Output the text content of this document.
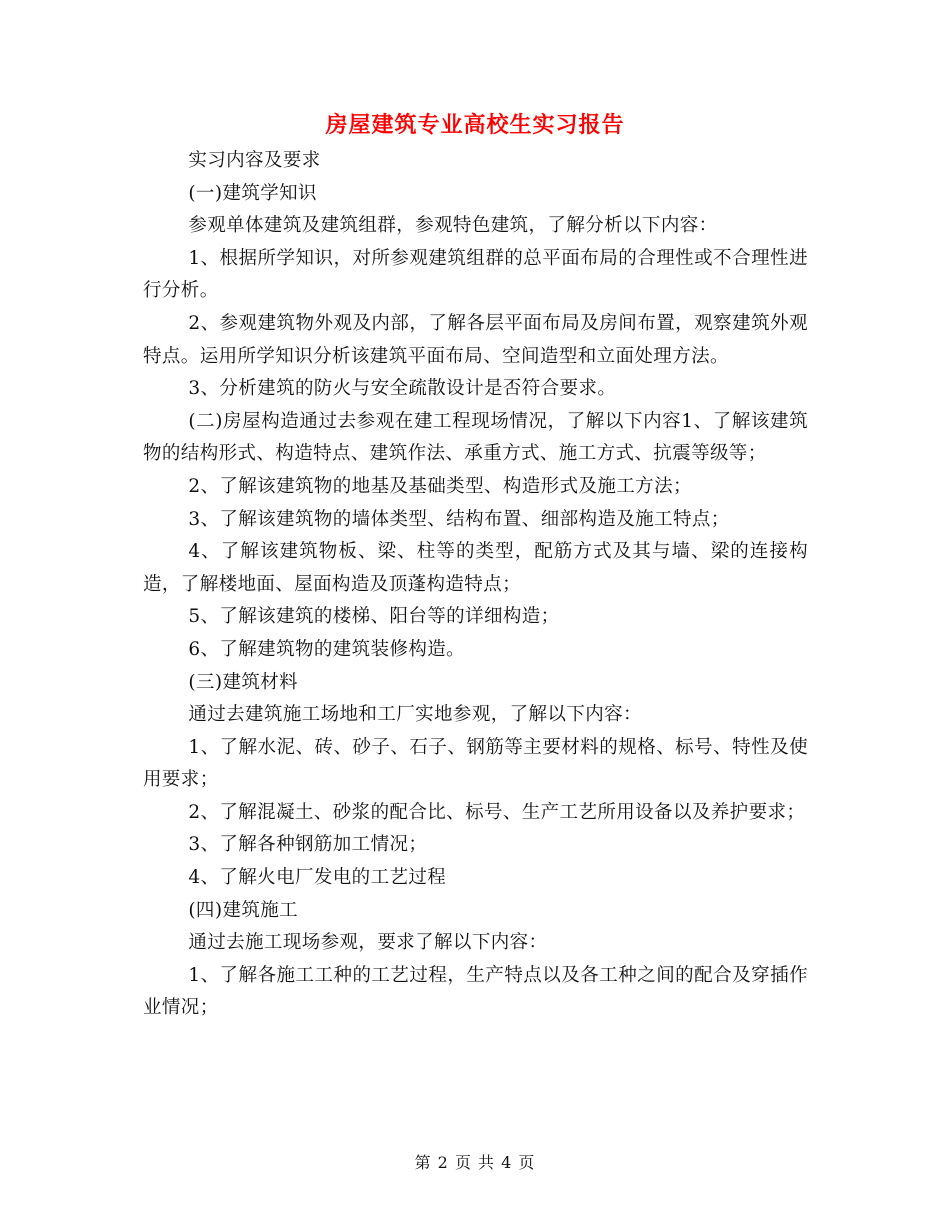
房屋建筑专业高校生实习报告

实习内容及要求

(一)建筑学知识

参观单体建筑及建筑组群，参观特色建筑，了解分析以下内容：

1、根据所学知识，对所参观建筑组群的总平面布局的合理性或不合理性进行分析。

2、参观建筑物外观及内部，了解各层平面布局及房间布置，观察建筑外观特点。运用所学知识分析该建筑平面布局、空间造型和立面处理方法。

3、分析建筑的防火与安全疏散设计是否符合要求。

(二)房屋构造通过去参观在建工程现场情况，了解以下内容1、了解该建筑物的结构形式、构造特点、建筑作法、承重方式、施工方式、抗震等级等；

2、了解该建筑物的地基及基础类型、构造形式及施工方法；

3、了解该建筑物的墙体类型、结构布置、细部构造及施工特点；

4、了解该建筑物板、梁、柱等的类型，配筋方式及其与墙、梁的连接构造，了解楼地面、屋面构造及顶蓬构造特点；

5、了解该建筑的楼梯、阳台等的详细构造；

6、了解建筑物的建筑装修构造。

(三)建筑材料

通过去建筑施工场地和工厂实地参观，了解以下内容：

1、了解水泥、砖、砂子、石子、钢筋等主要材料的规格、标号、特性及使用要求；

2、了解混凝土、砂浆的配合比、标号、生产工艺所用设备以及养护要求；

3、了解各种钢筋加工情况；

4、了解火电厂发电的工艺过程

(四)建筑施工

通过去施工现场参观，要求了解以下内容：

1、了解各施工工种的工艺过程，生产特点以及各工种之间的配合及穿插作业情况；

第 2 页 共 4 页
